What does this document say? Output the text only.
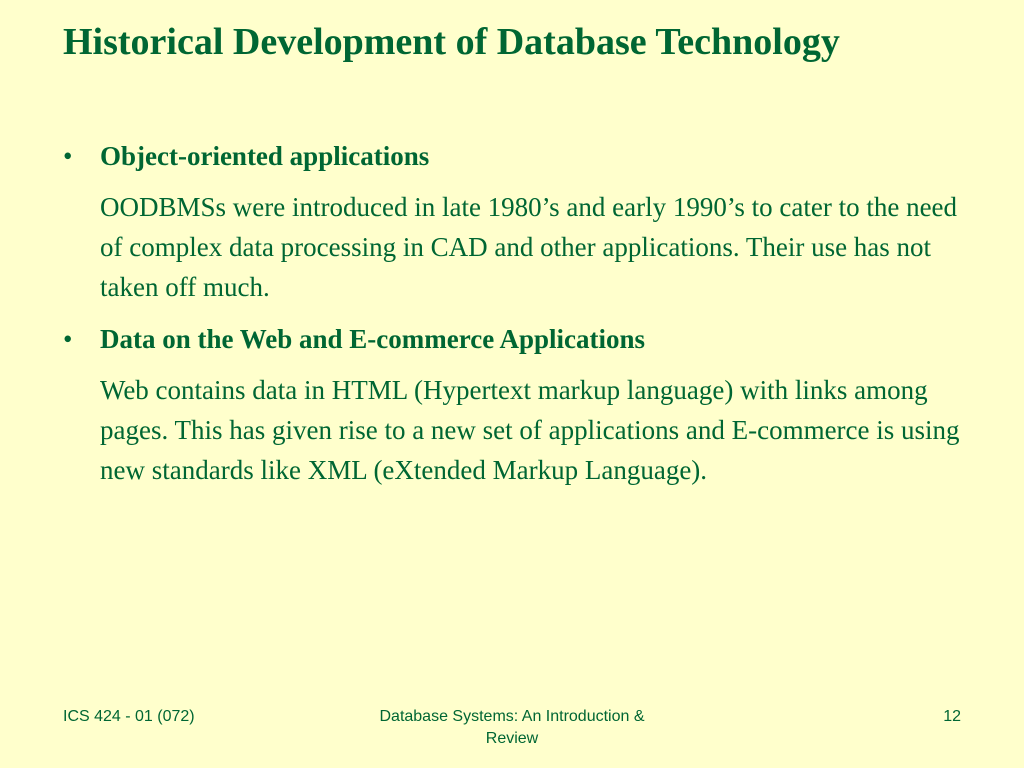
Historical Development of Database Technology
• Object-oriented applications
OODBMSs were introduced in late 1980’s and early 1990’s to cater to the need of complex data processing in CAD and other applications. Their use has not taken off much.
• Data on the Web and E-commerce Applications
Web contains data in HTML (Hypertext markup language) with links among pages. This has given rise to a new set of applications and E-commerce is using new standards like XML (eXtended Markup Language).
ICS 424 - 01 (072)	Database Systems: An Introduction & Review
12
